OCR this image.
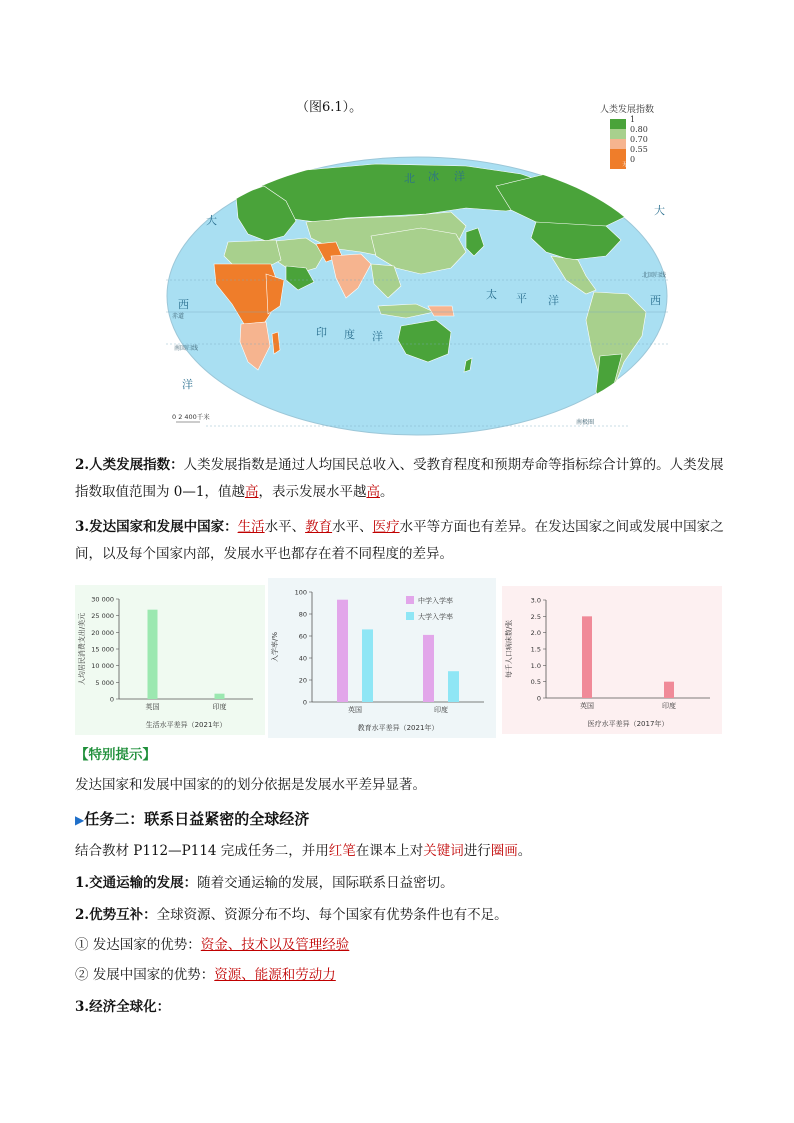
（图6.1）。	人类发展指数
1
0.80
0.70
0.55
无数据
0
北 冰 洋
大
西
洋
印 度 洋
太 平 洋
大
西
赤道
北回归线
南回归线
南极圈
0 2 400千米
2.人类发展指数：人类发展指数是通过人均国民总收入、受教育程度和预期寿命等指标综合计算的。人类发展指数取值范围为 0—1，值越高，表示发展水平越高。
3.发达国家和发展中国家：生活水平、教育水平、医疗水平等方面也有差异。在发达国家之间或发展中国家之间，以及每个国家内部，发展水平也都存在着不同程度的差异。
0
5 000
10 000
15 000
20 000
25 000
30 000
人均居民消费支出/美元
英国	印度
生活水平差异（2021年）
0
20
40
60
80
100
入学率/%
英国	印度
教育水平差异（2021年）
中学入学率
大学入学率
0
0.5
1.0
1.5
2.0
2.5
3.0
每千人口病床数/张
英国	印度
医疗水平差异（2017年）
【特别提示】
发达国家和发展中国家的的划分依据是发展水平差异显著。
▶任务二：联系日益紧密的全球经济
结合教材 P112—P114 完成任务二，并用红笔在课本上对关键词进行圈画。
1.交通运输的发展：随着交通运输的发展，国际联系日益密切。
2.优势互补：全球资源、资源分布不均、每个国家有优势条件也有不足。
① 发达国家的优势：资金、技术以及管理经验
② 发展中国家的优势：资源、能源和劳动力
3.经济全球化：
